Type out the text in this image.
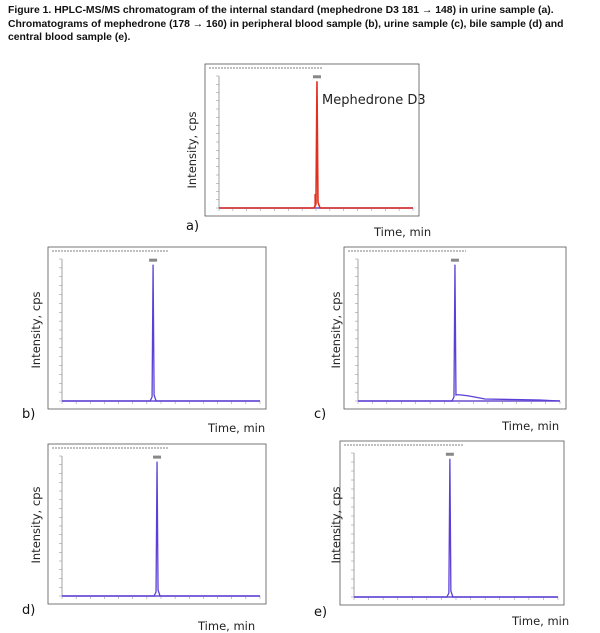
Figure 1. HPLC-MS/MS chromatogram of the internal standard (mephedrone D3 181 → 148) in urine sample (a). Chromatograms of mephedrone (178 → 160) in peripheral blood sample (b), urine sample (c), bile sample (d) and central blood sample (e).
Intensity, cps
Time, min
a)
Mephedrone D3
Intensity, cps
Time, min
b)
Intensity, cps
Time, min
c)
Intensity, cps
Time, min
d)
Intensity, cps
Time, min
e)
